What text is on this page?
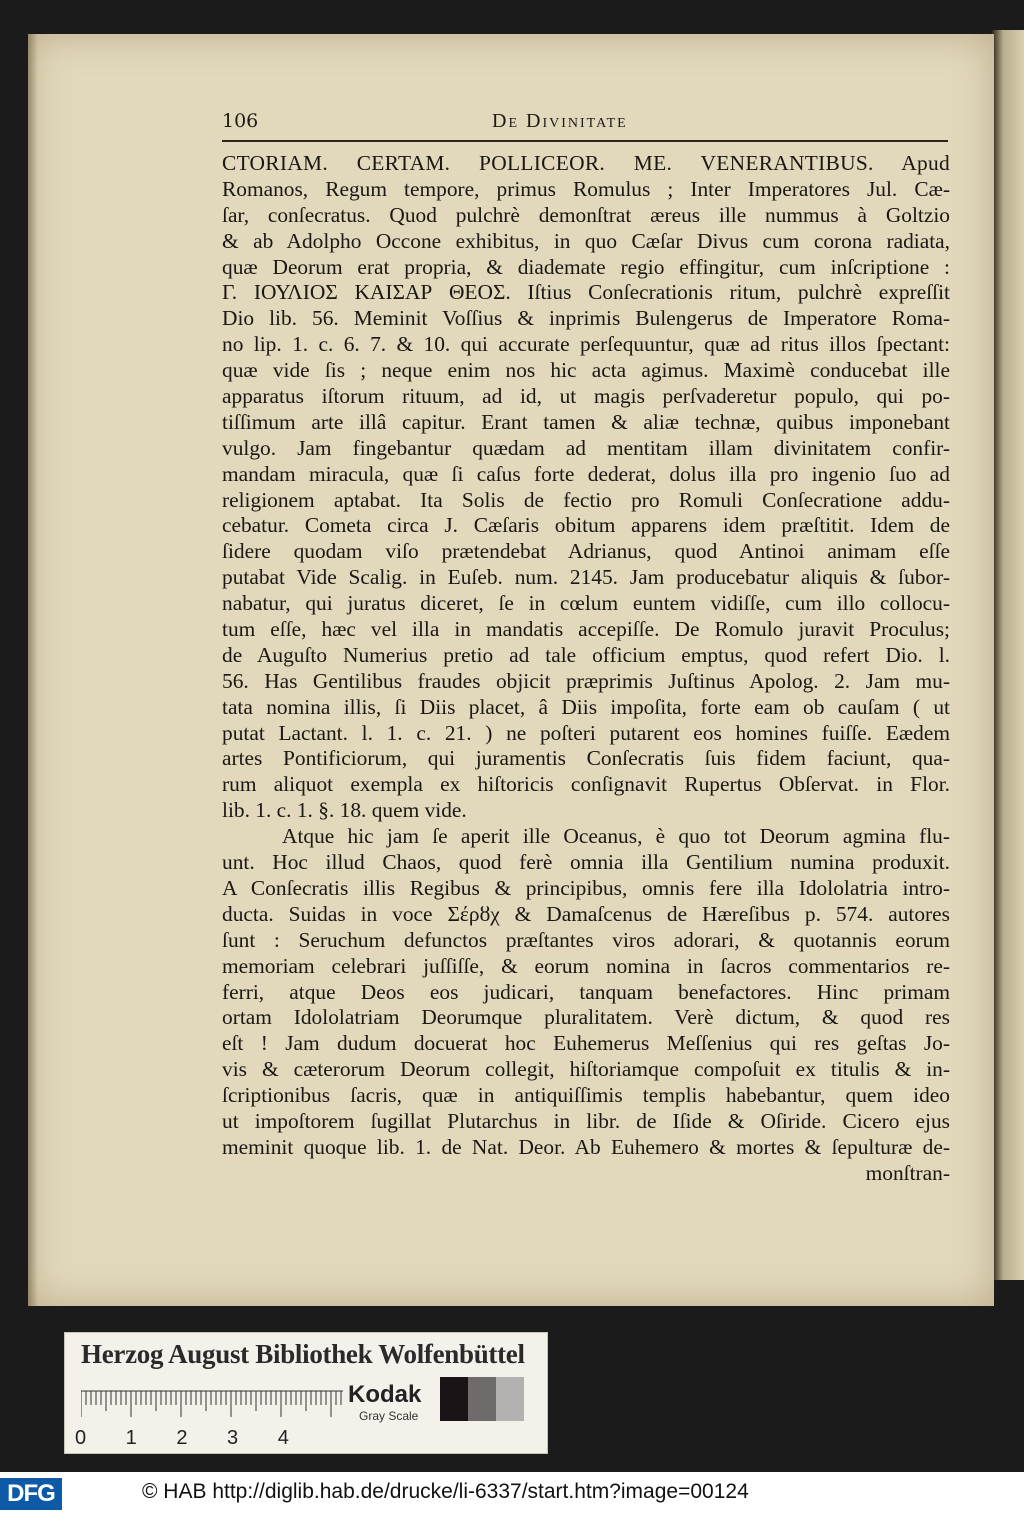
106	De Divinitate
CTORIAM. CERTAM. POLLICEOR. ME. VENERANTIBUS. Apud
Romanos, Regum tempore, primus Romulus ; Inter Imperatores Jul. Cæ-
ſar, conſecratus. Quod pulchrè demonſtrat æreus ille nummus à Goltzio
& ab Adolpho Occone exhibitus, in quo Cæſar Divus cum corona radiata,
quæ Deorum erat propria, & diademate regio effingitur, cum inſcriptione :
Γ. ΙΟΥΛΙΟΣ ΚΑΙΣΑΡ ΘΕΟΣ. Iſtius Conſecrationis ritum, pulchrè expreſſit
Dio lib. 56. Meminit Voſſius & inprimis Bulengerus de Imperatore Roma-
no lip. 1. c. 6. 7. & 10. qui accurate perſequuntur, quæ ad ritus illos ſpectant:
quæ vide ſis ; neque enim nos hic acta agimus. Maximè conducebat ille
apparatus iſtorum rituum, ad id, ut magis perſvaderetur populo, qui po-
tiſſimum arte illâ capitur. Erant tamen & aliæ technæ, quibus imponebant
vulgo. Jam fingebantur quædam ad mentitam illam divinitatem confir-
mandam miracula, quæ ſi caſus forte dederat, dolus illa pro ingenio ſuo ad
religionem aptabat. Ita Solis de fectio pro Romuli Conſecratione addu-
cebatur. Cometa circa J. Cæſaris obitum apparens idem præſtitit. Idem de
ſidere quodam viſo prætendebat Adrianus, quod Antinoi animam eſſe
putabat Vide Scalig. in Euſeb. num. 2145. Jam producebatur aliquis & ſubor-
nabatur, qui juratus diceret, ſe in cœlum euntem vidiſſe, cum illo collocu-
tum eſſe, hæc vel illa in mandatis accepiſſe. De Romulo juravit Proculus;
de Auguſto Numerius pretio ad tale officium emptus, quod refert Dio. l.
56. Has Gentilibus fraudes objicit præprimis Juſtinus Apolog. 2. Jam mu-
tata nomina illis, ſi Diis placet, â Diis impoſita, forte eam ob cauſam ( ut
putat Lactant. l. 1. c. 21. ) ne poſteri putarent eos homines fuiſſe. Eædem
artes Pontificiorum, qui juramentis Conſecratis ſuis fidem faciunt, qua-
rum aliquot exempla ex hiſtoricis conſignavit Rupertus Obſervat. in Flor.
lib. 1. c. 1. §. 18. quem vide.
Atque hic jam ſe aperit ille Oceanus, è quo tot Deorum agmina flu-
unt. Hoc illud Chaos, quod ferè omnia illa Gentilium numina produxit.
A Conſecratis illis Regibus & principibus, omnis fere illa Idololatria intro-
ducta. Suidas in voce Σέρȣχ & Damaſcenus de Hæreſibus p. 574. autores
ſunt : Seruchum defunctos præſtantes viros adorari, & quotannis eorum
memoriam celebrari juſſiſſe, & eorum nomina in ſacros commentarios re-
ferri, atque Deos eos judicari, tanquam benefactores. Hinc primam
ortam Idololatriam Deorumque pluralitatem. Verè dictum, & quod res
eſt ! Jam dudum docuerat hoc Euhemerus Meſſenius qui res geſtas Jo-
vis & cæterorum Deorum collegit, hiſtoriamque compoſuit ex titulis & in-
ſcriptionibus ſacris, quæ in antiquiſſimis templis habebantur, quem ideo
ut impoſtorem ſugillat Plutarchus in libr. de Iſide & Oſiride. Cicero ejus
meminit quoque lib. 1. de Nat. Deor. Ab Euhemero & mortes & ſepulturæ de-
monſtran-
Herzog August Bibliothek Wolfenbüttel
0 1 2 3 4
Kodak
Gray Scale
DFG	© HAB http://diglib.hab.de/drucke/li-6337/start.htm?image=00124
